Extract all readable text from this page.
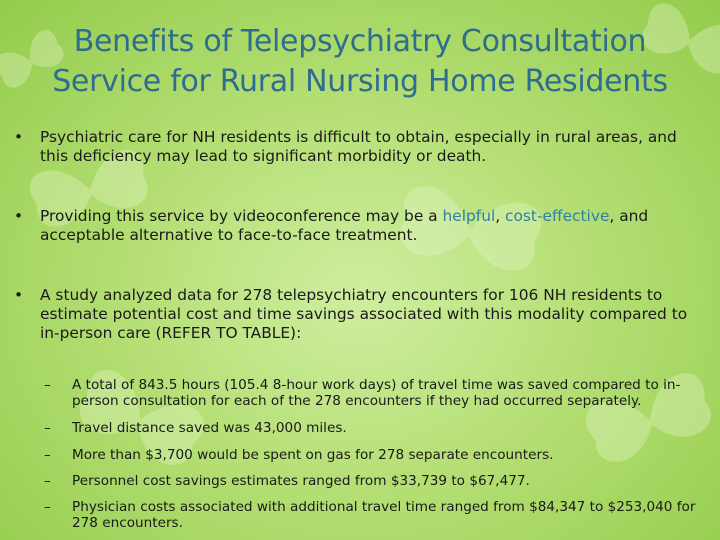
Benefits of Telepsychiatry Consultation
Service for Rural Nursing Home Residents
•	Psychiatric care for NH residents is difficult to obtain, especially in rural areas, and this deficiency may lead to significant morbidity or death.
•	Providing this service by videoconference may be a helpful, cost-effective, and acceptable alternative to face-to-face treatment.
•	A study analyzed data for 278 telepsychiatry encounters for 106 NH residents to estimate potential cost and time savings associated with this modality compared to in-person care (REFER TO TABLE):
– A total of 843.5 hours (105.4 8-hour work days) of travel time was saved compared to in-person consultation for each of the 278 encounters if they had occurred separately.
– Travel distance saved was 43,000 miles.
– More than $3,700 would be spent on gas for 278 separate encounters.
– Personnel cost savings estimates ranged from $33,739 to $67,477.
– Physician costs associated with additional travel time ranged from $84,347 to $253,040 for 278 encounters.
